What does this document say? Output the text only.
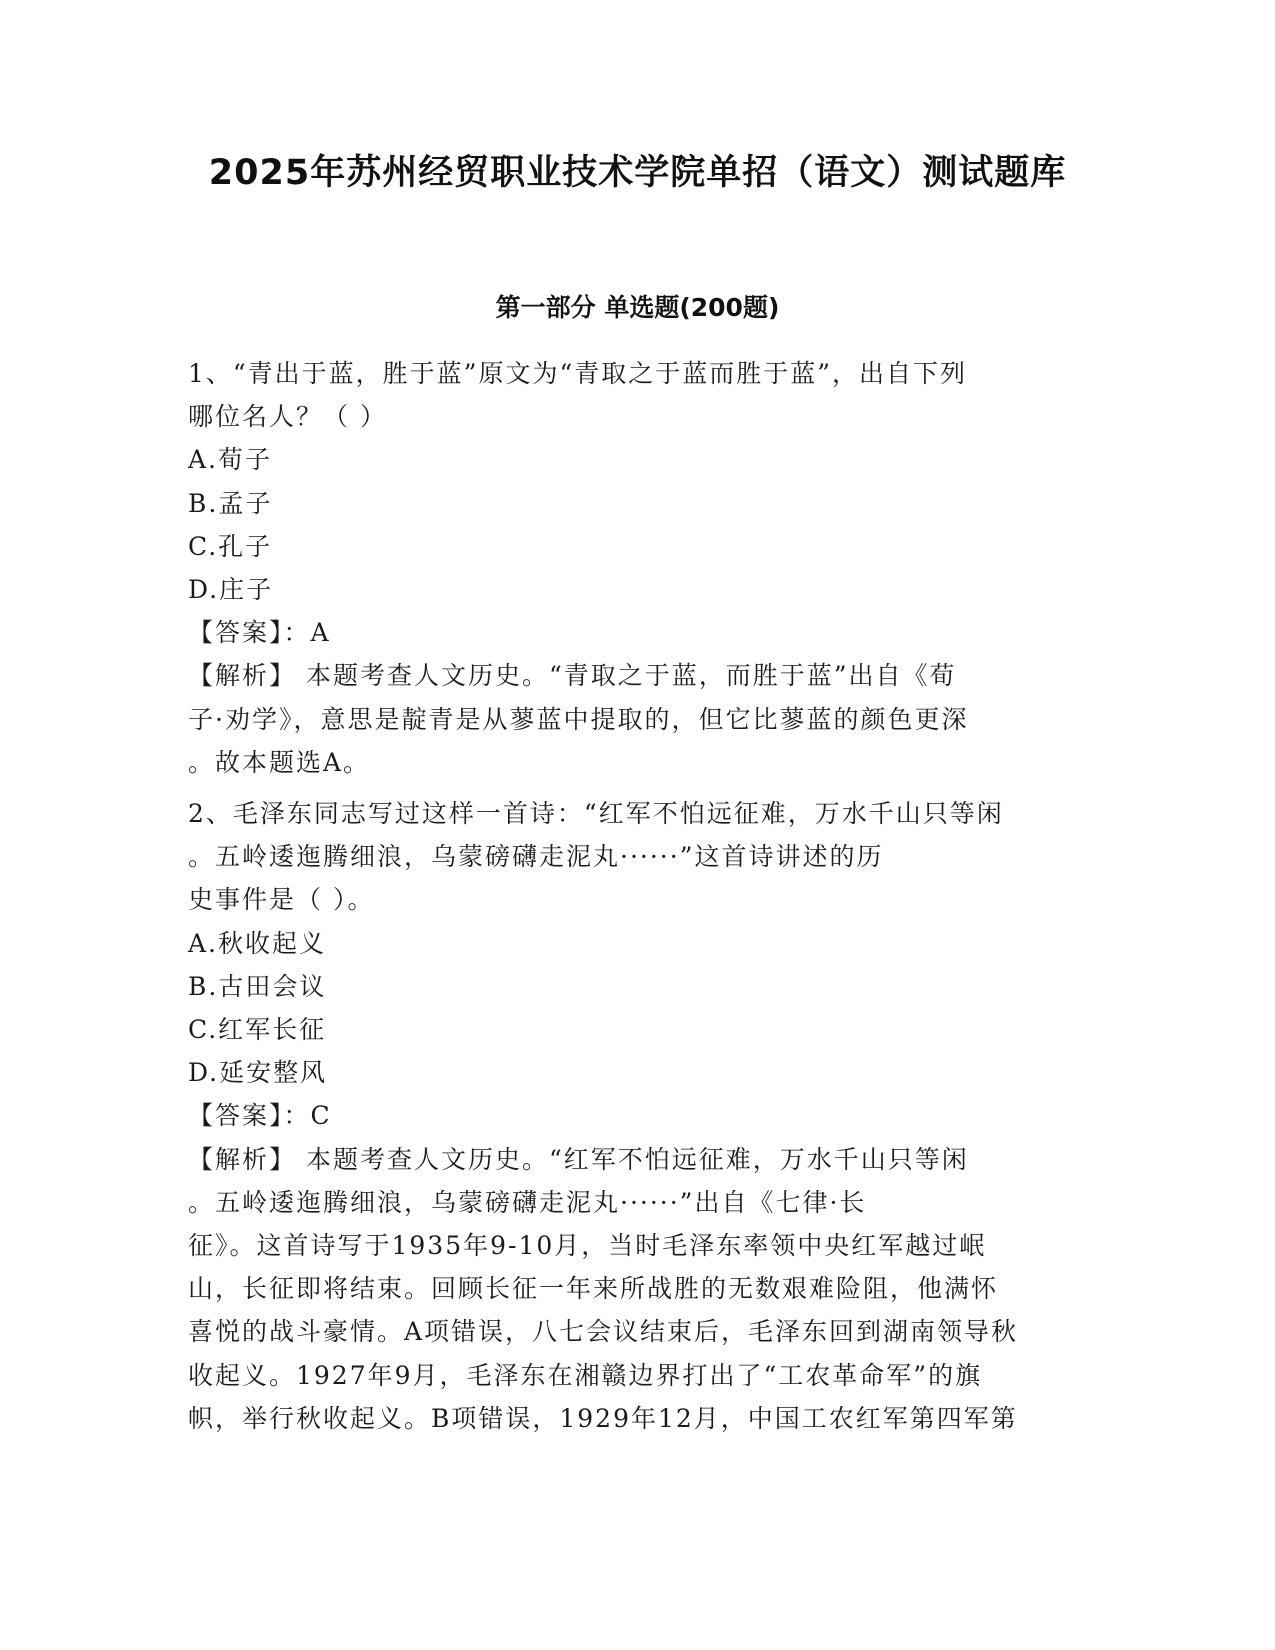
2025年苏州经贸职业技术学院单招（语文）测试题库
第一部分 单选题(200题)

1、“青出于蓝，胜于蓝”原文为“青取之于蓝而胜于蓝”，出自下列

哪位名人？（ ）

A.荀子

B.孟子

C.孔子

D.庄子

【答案】：A

【解析】 本题考查人文历史。“青取之于蓝，而胜于蓝”出自《荀

子·劝学》，意思是靛青是从蓼蓝中提取的，但它比蓼蓝的颜色更深

。故本题选A。

2、毛泽东同志写过这样一首诗：“红军不怕远征难，万水千山只等闲

。五岭逶迤腾细浪，乌蒙磅礴走泥丸······”这首诗讲述的历

史事件是（ ）。

A.秋收起义

B.古田会议

C.红军长征

D.延安整风

【答案】：C

【解析】 本题考查人文历史。“红军不怕远征难，万水千山只等闲

。五岭逶迤腾细浪，乌蒙磅礴走泥丸······”出自《七律·长

征》。这首诗写于1935年9-10月，当时毛泽东率领中央红军越过岷

山，长征即将结束。回顾长征一年来所战胜的无数艰难险阻，他满怀

喜悦的战斗豪情。A项错误，八七会议结束后，毛泽东回到湖南领导秋

收起义。1927年9月，毛泽东在湘赣边界打出了“工农革命军”的旗

帜，举行秋收起义。B项错误，1929年12月，中国工农红军第四军第
